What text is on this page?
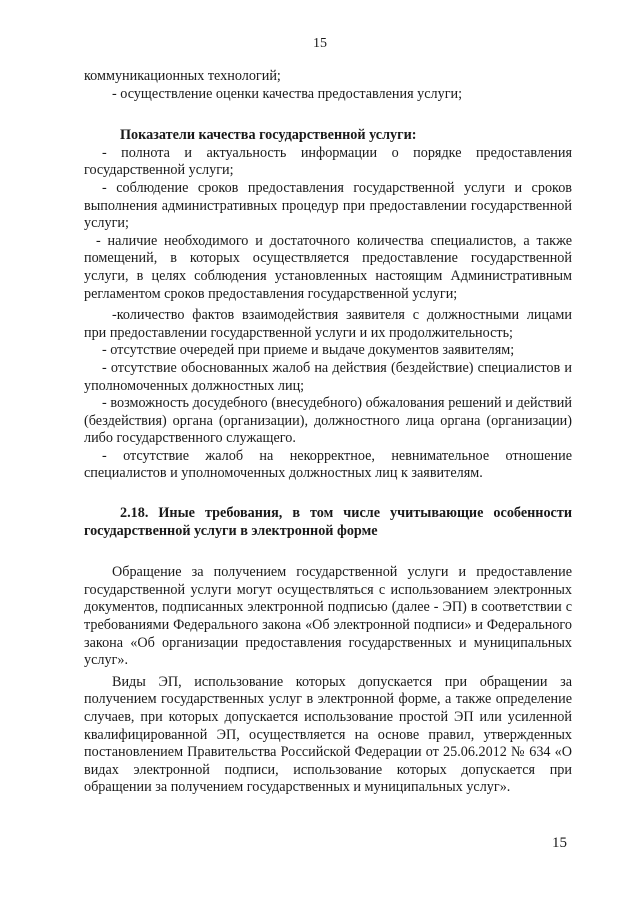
15

коммуникационных технологий;

- осуществление оценки качества предоставления услуги;

Показатели качества государственной услуги:

- полнота и актуальность информации о порядке предоставления государственной услуги;

- соблюдение сроков предоставления государственной услуги и сроков выполнения административных процедур при предоставлении государственной услуги;

- наличие необходимого и достаточного количества специалистов, а также помещений, в которых осуществляется предоставление государственной услуги, в целях соблюдения установленных настоящим Административным регламентом сроков предоставления государственной услуги;

-количество фактов взаимодействия заявителя с должностными лицами при предоставлении государственной услуги и их продолжительность;

- отсутствие очередей при приеме и выдаче документов заявителям;

- отсутствие обоснованных жалоб на действия (бездействие) специалистов и уполномоченных должностных лиц;

- возможность досудебного (внесудебного) обжалования решений и действий (бездействия) органа (организации), должностного лица органа (организации) либо государственного служащего.

- отсутствие жалоб на некорректное, невнимательное отношение специалистов и уполномоченных должностных лиц к заявителям.

2.18. Иные требования, в том числе учитывающие особенности государственной услуги в электронной форме

Обращение за получением государственной услуги и предоставление государственной услуги могут осуществляться с использованием электронных документов, подписанных электронной подписью (далее - ЭП) в соответствии с требованиями Федерального закона «Об электронной подписи» и Федерального закона «Об организации предоставления государственных и муниципальных услуг».

Виды ЭП, использование которых допускается при обращении за получением государственных услуг в электронной форме, а также определение случаев, при которых допускается использование простой ЭП или усиленной квалифицированной ЭП, осуществляется на основе правил, утвержденных постановлением Правительства Российской Федерации от 25.06.2012 № 634 «О видах электронной подписи, использование которых допускается при обращении за получением государственных и муниципальных услуг».

15
